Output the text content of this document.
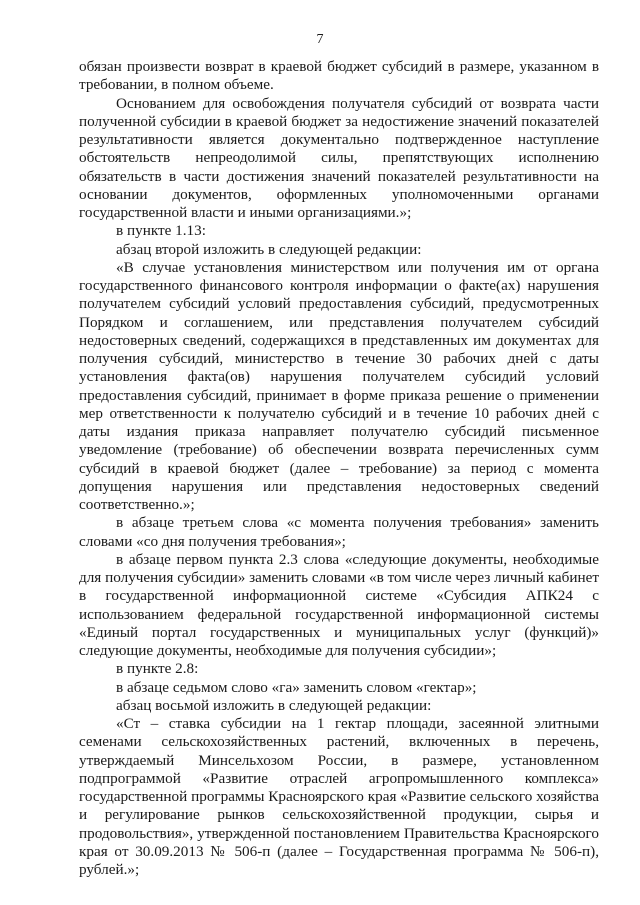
7

обязан произвести возврат в краевой бюджет субсидий в размере, указанном в требовании, в полном объеме.

Основанием для освобождения получателя субсидий от возврата части полученной субсидии в краевой бюджет за недостижение значений показателей результативности является документально подтвержденное наступление обстоятельств непреодолимой силы, препятствующих исполнению обязательств в части достижения значений показателей результативности на основании документов, оформленных уполномоченными органами государственной власти и иными организациями.»;

в пункте 1.13:

абзац второй изложить в следующей редакции:

«В случае установления министерством или получения им от органа государственного финансового контроля информации о факте(ах) нарушения получателем субсидий условий предоставления субсидий, предусмотренных Порядком и соглашением, или представления получателем субсидий недостоверных сведений, содержащихся в представленных им документах для получения субсидий, министерство в течение 30 рабочих дней с даты установления факта(ов) нарушения получателем субсидий условий предоставления субсидий, принимает в форме приказа решение о применении мер ответственности к получателю субсидий и в течение 10 рабочих дней с даты издания приказа направляет получателю субсидий письменное уведомление (требование) об обеспечении возврата перечисленных сумм субсидий в краевой бюджет (далее – требование) за период с момента допущения нарушения или представления недостоверных сведений соответственно.»;

в абзаце третьем слова «с момента получения требования» заменить словами «со дня получения требования»;

в абзаце первом пункта 2.3 слова «следующие документы, необходимые для получения субсидии» заменить словами «в том числе через личный кабинет в государственной информационной системе «Субсидия АПК24 с использованием федеральной государственной информационной системы «Единый портал государственных и муниципальных услуг (функций)» следующие документы, необходимые для получения субсидии»;

в пункте 2.8:

в абзаце седьмом слово «га» заменить словом «гектар»;

абзац восьмой изложить в следующей редакции:

«Ст – ставка субсидии на 1 гектар площади, засеянной элитными семенами сельскохозяйственных растений, включенных в перечень, утверждаемый Минсельхозом России, в размере, установленном подпрограммой «Развитие отраслей агропромышленного комплекса» государственной программы Красноярского края «Развитие сельского хозяйства и регулирование рынков сельскохозяйственной продукции, сырья и продовольствия», утвержденной постановлением Правительства Красноярского края от 30.09.2013 № 506-п (далее – Государственная программа № 506-п), рублей.»;
